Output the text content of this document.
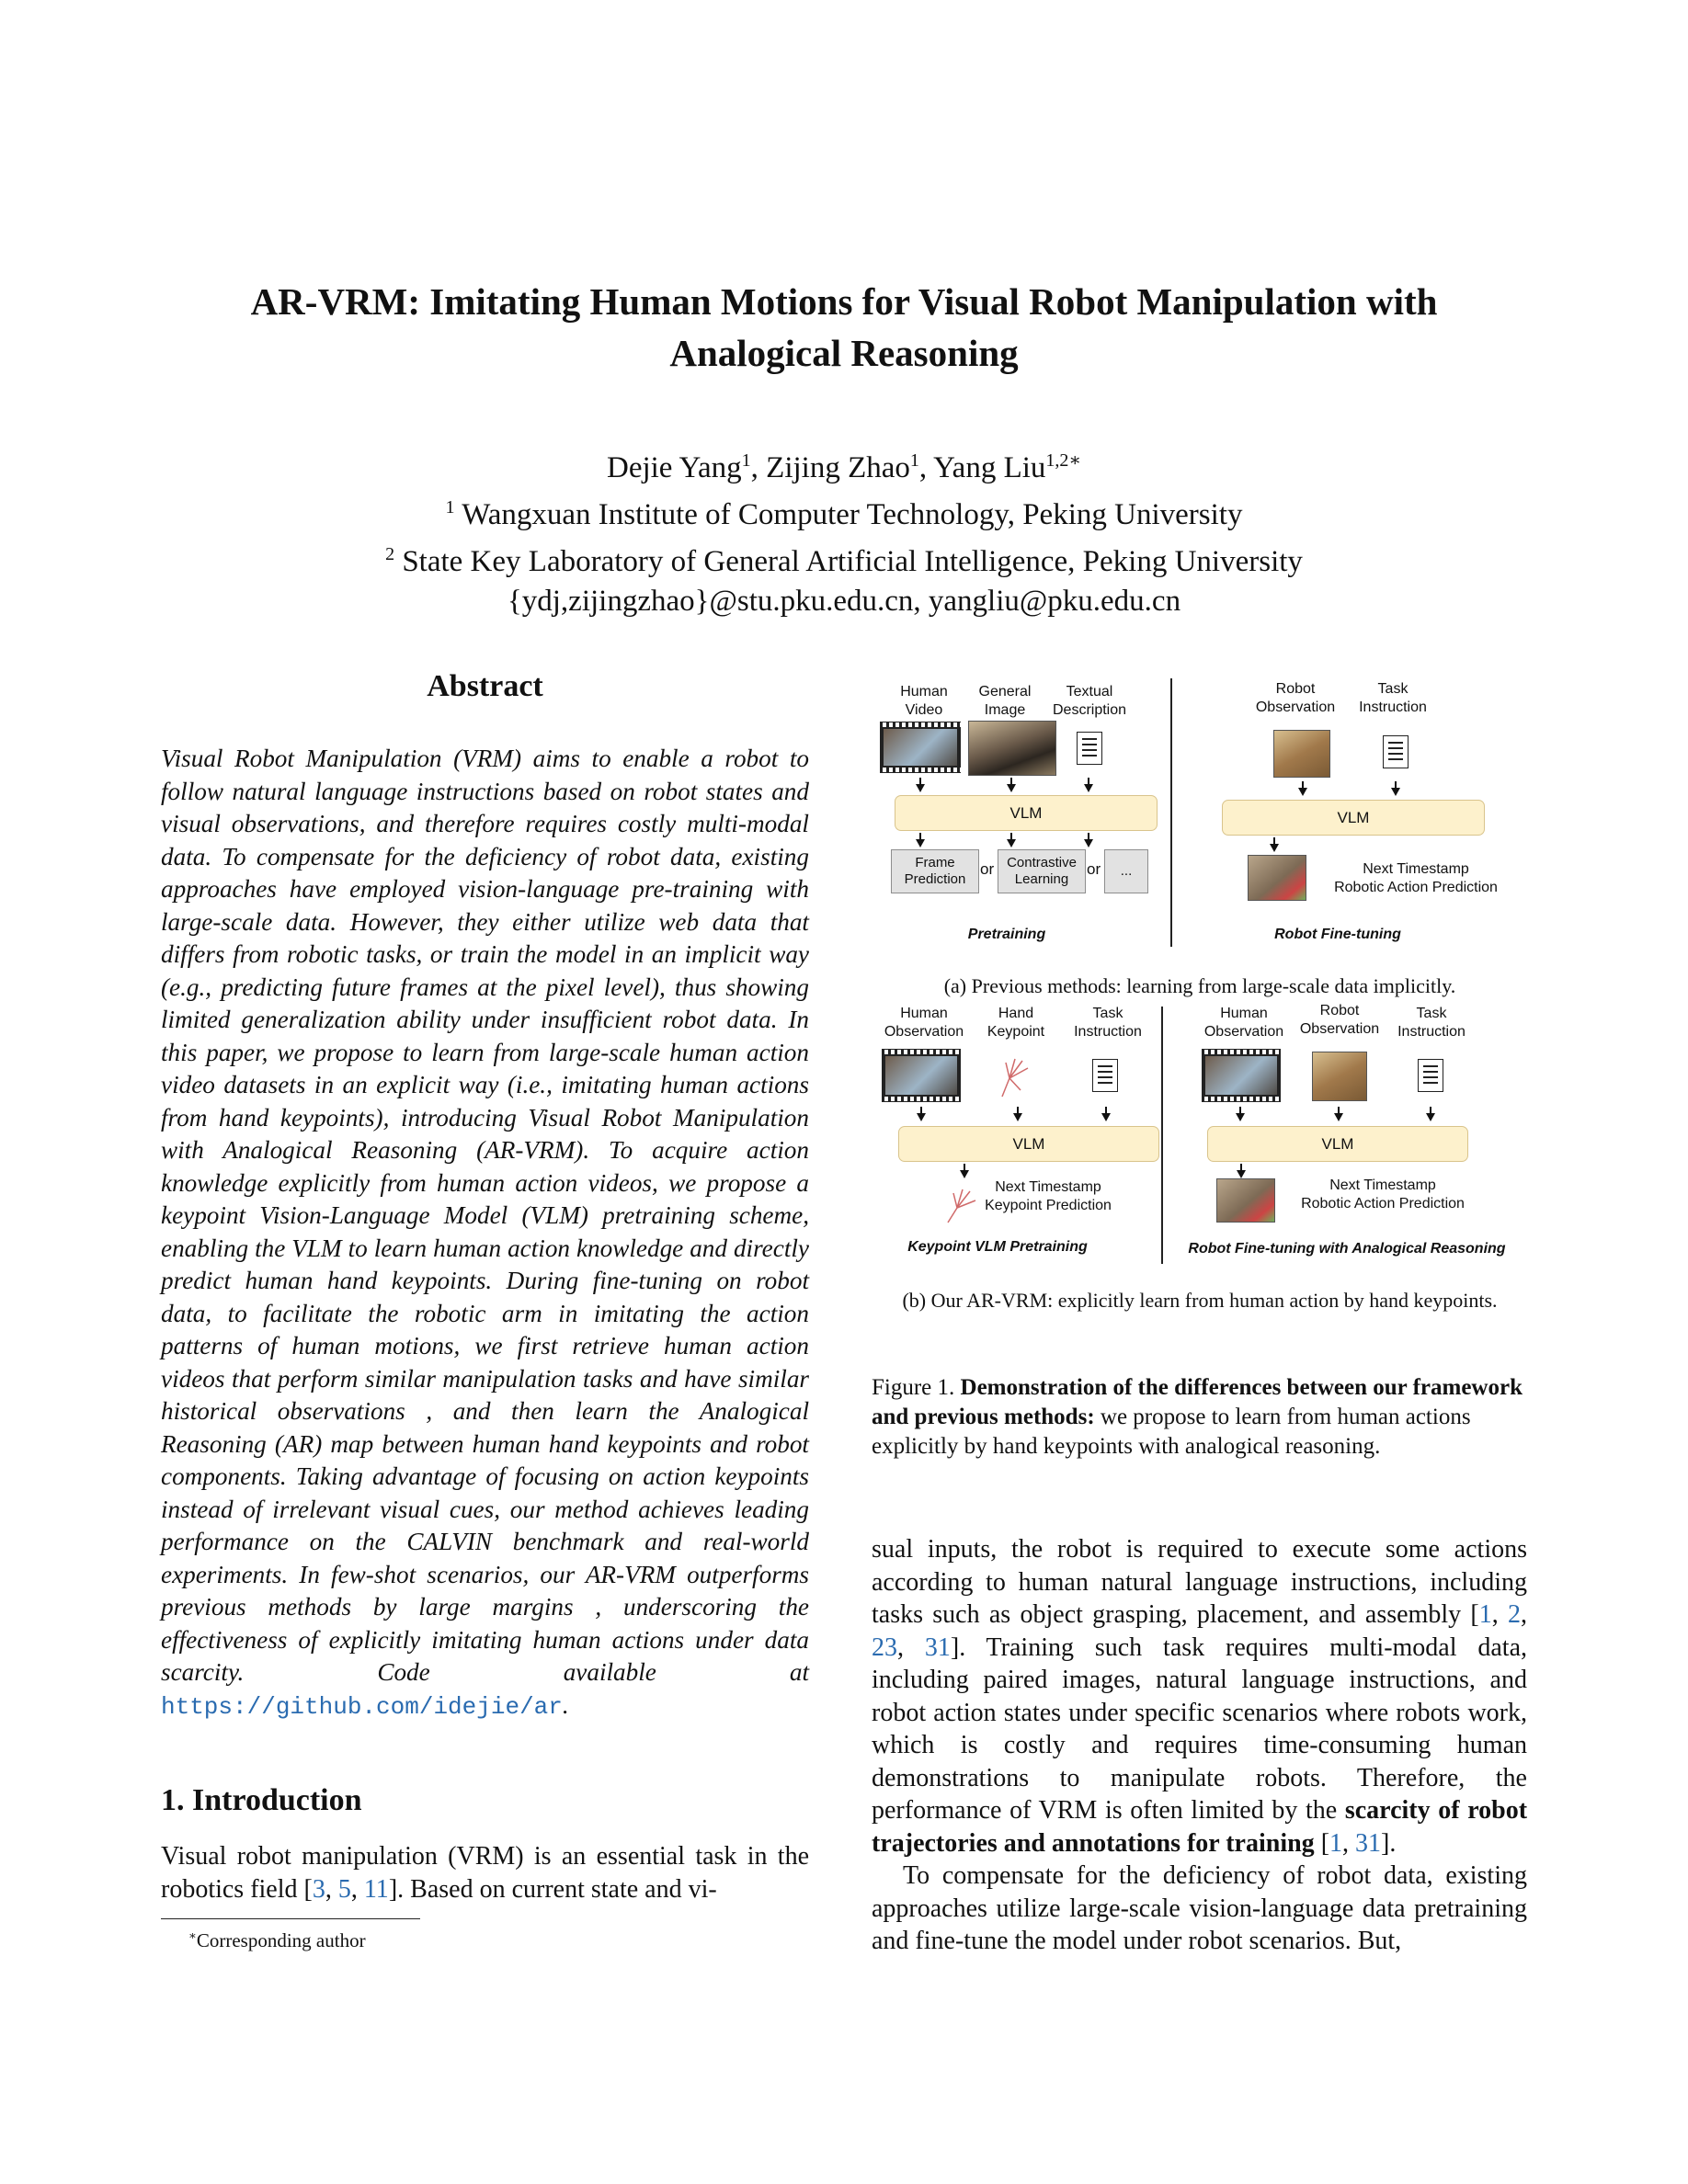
AR-VRM: Imitating Human Motions for Visual Robot Manipulation with
Analogical Reasoning
Dejie Yang$^1$, Zijing Zhao$^1$, Yang Liu$^{1,2∗}$
$^1$ Wangxuan Institute of Computer Technology, Peking University
$^2$ State Key Laboratory of General Artificial Intelligence, Peking University
{ydj,zijingzhao}@stu.pku.edu.cn, yangliu@pku.edu.cn
Abstract
Visual Robot Manipulation (VRM) aims to enable a robot to follow natural language instructions based on robot states and visual observations, and therefore requires costly multi-modal data. To compensate for the deficiency of robot data, existing approaches have employed vision-language pre-training with large-scale data. However, they either utilize web data that differs from robotic tasks, or train the model in an implicit way (e.g., predicting future frames at the pixel level), thus showing limited generalization ability under insufficient robot data. In this paper, we propose to learn from large-scale human action video datasets in an explicit way (i.e., imitating human actions from hand keypoints), introducing Visual Robot Manipulation with Analogical Reasoning (AR-VRM). To acquire action knowledge explicitly from human action videos, we propose a keypoint Vision-Language Model (VLM) pretraining scheme, enabling the VLM to learn human action knowledge and directly predict human hand keypoints. During fine-tuning on robot data, to facilitate the robotic arm in imitating the action patterns of human motions, we first retrieve human action videos that perform similar manipulation tasks and have similar historical observations , and then learn the Analogical Reasoning (AR) map between human hand keypoints and robot components. Taking advantage of focusing on action keypoints instead of irrelevant visual cues, our method achieves leading performance on the CALVIN benchmark and real-world experiments. In few-shot scenarios, our AR-VRM outperforms previous methods by large margins , underscoring the effectiveness of explicitly imitating human actions under data scarcity. Code available at https://github.com/idejie/ar.
1. Introduction
Visual robot manipulation (VRM) is an essential task in the robotics field [3, 5, 11]. Based on current state and vi-
∗Corresponding author
Human Video
General Image
Textual Description
VLM
Frame
Prediction
or Contrastive
Learning
or	...
Pretraining
Robot
Observation
Task
Instruction
VLM
Next Timestamp
Robotic Action Prediction
Robot Fine-tuning
Human
Observation
Hand
Keypoint
Task
Instruction
VLM
Next Timestamp
Keypoint Prediction
Keypoint VLM Pretraining
Human
Observation
Robot
Observation
Task
Instruction
VLM
Next Timestamp
Robotic Action Prediction
Robot Fine-tuning with Analogical Reasoning
(a) Previous methods: learning from large-scale data implicitly.
(b) Our AR-VRM: explicitly learn from human action by hand keypoints.
Figure 1. Demonstration of the differences between our framework and previous methods: we propose to learn from human actions explicitly by hand keypoints with analogical reasoning.

sual inputs, the robot is required to execute some actions according to human natural language instructions, including tasks such as object grasping, placement, and assembly [1, 2, 23, 31]. Training such task requires multi-modal data, including paired images, natural language instructions, and robot action states under specific scenarios where robots work, which is costly and requires time-consuming human demonstrations to manipulate robots. Therefore, the performance of VRM is often limited by the scarcity of robot trajectories and annotations for training [1, 31].

To compensate for the deficiency of robot data, existing approaches utilize large-scale vision-language data pretraining and fine-tune the model under robot scenarios. But,
